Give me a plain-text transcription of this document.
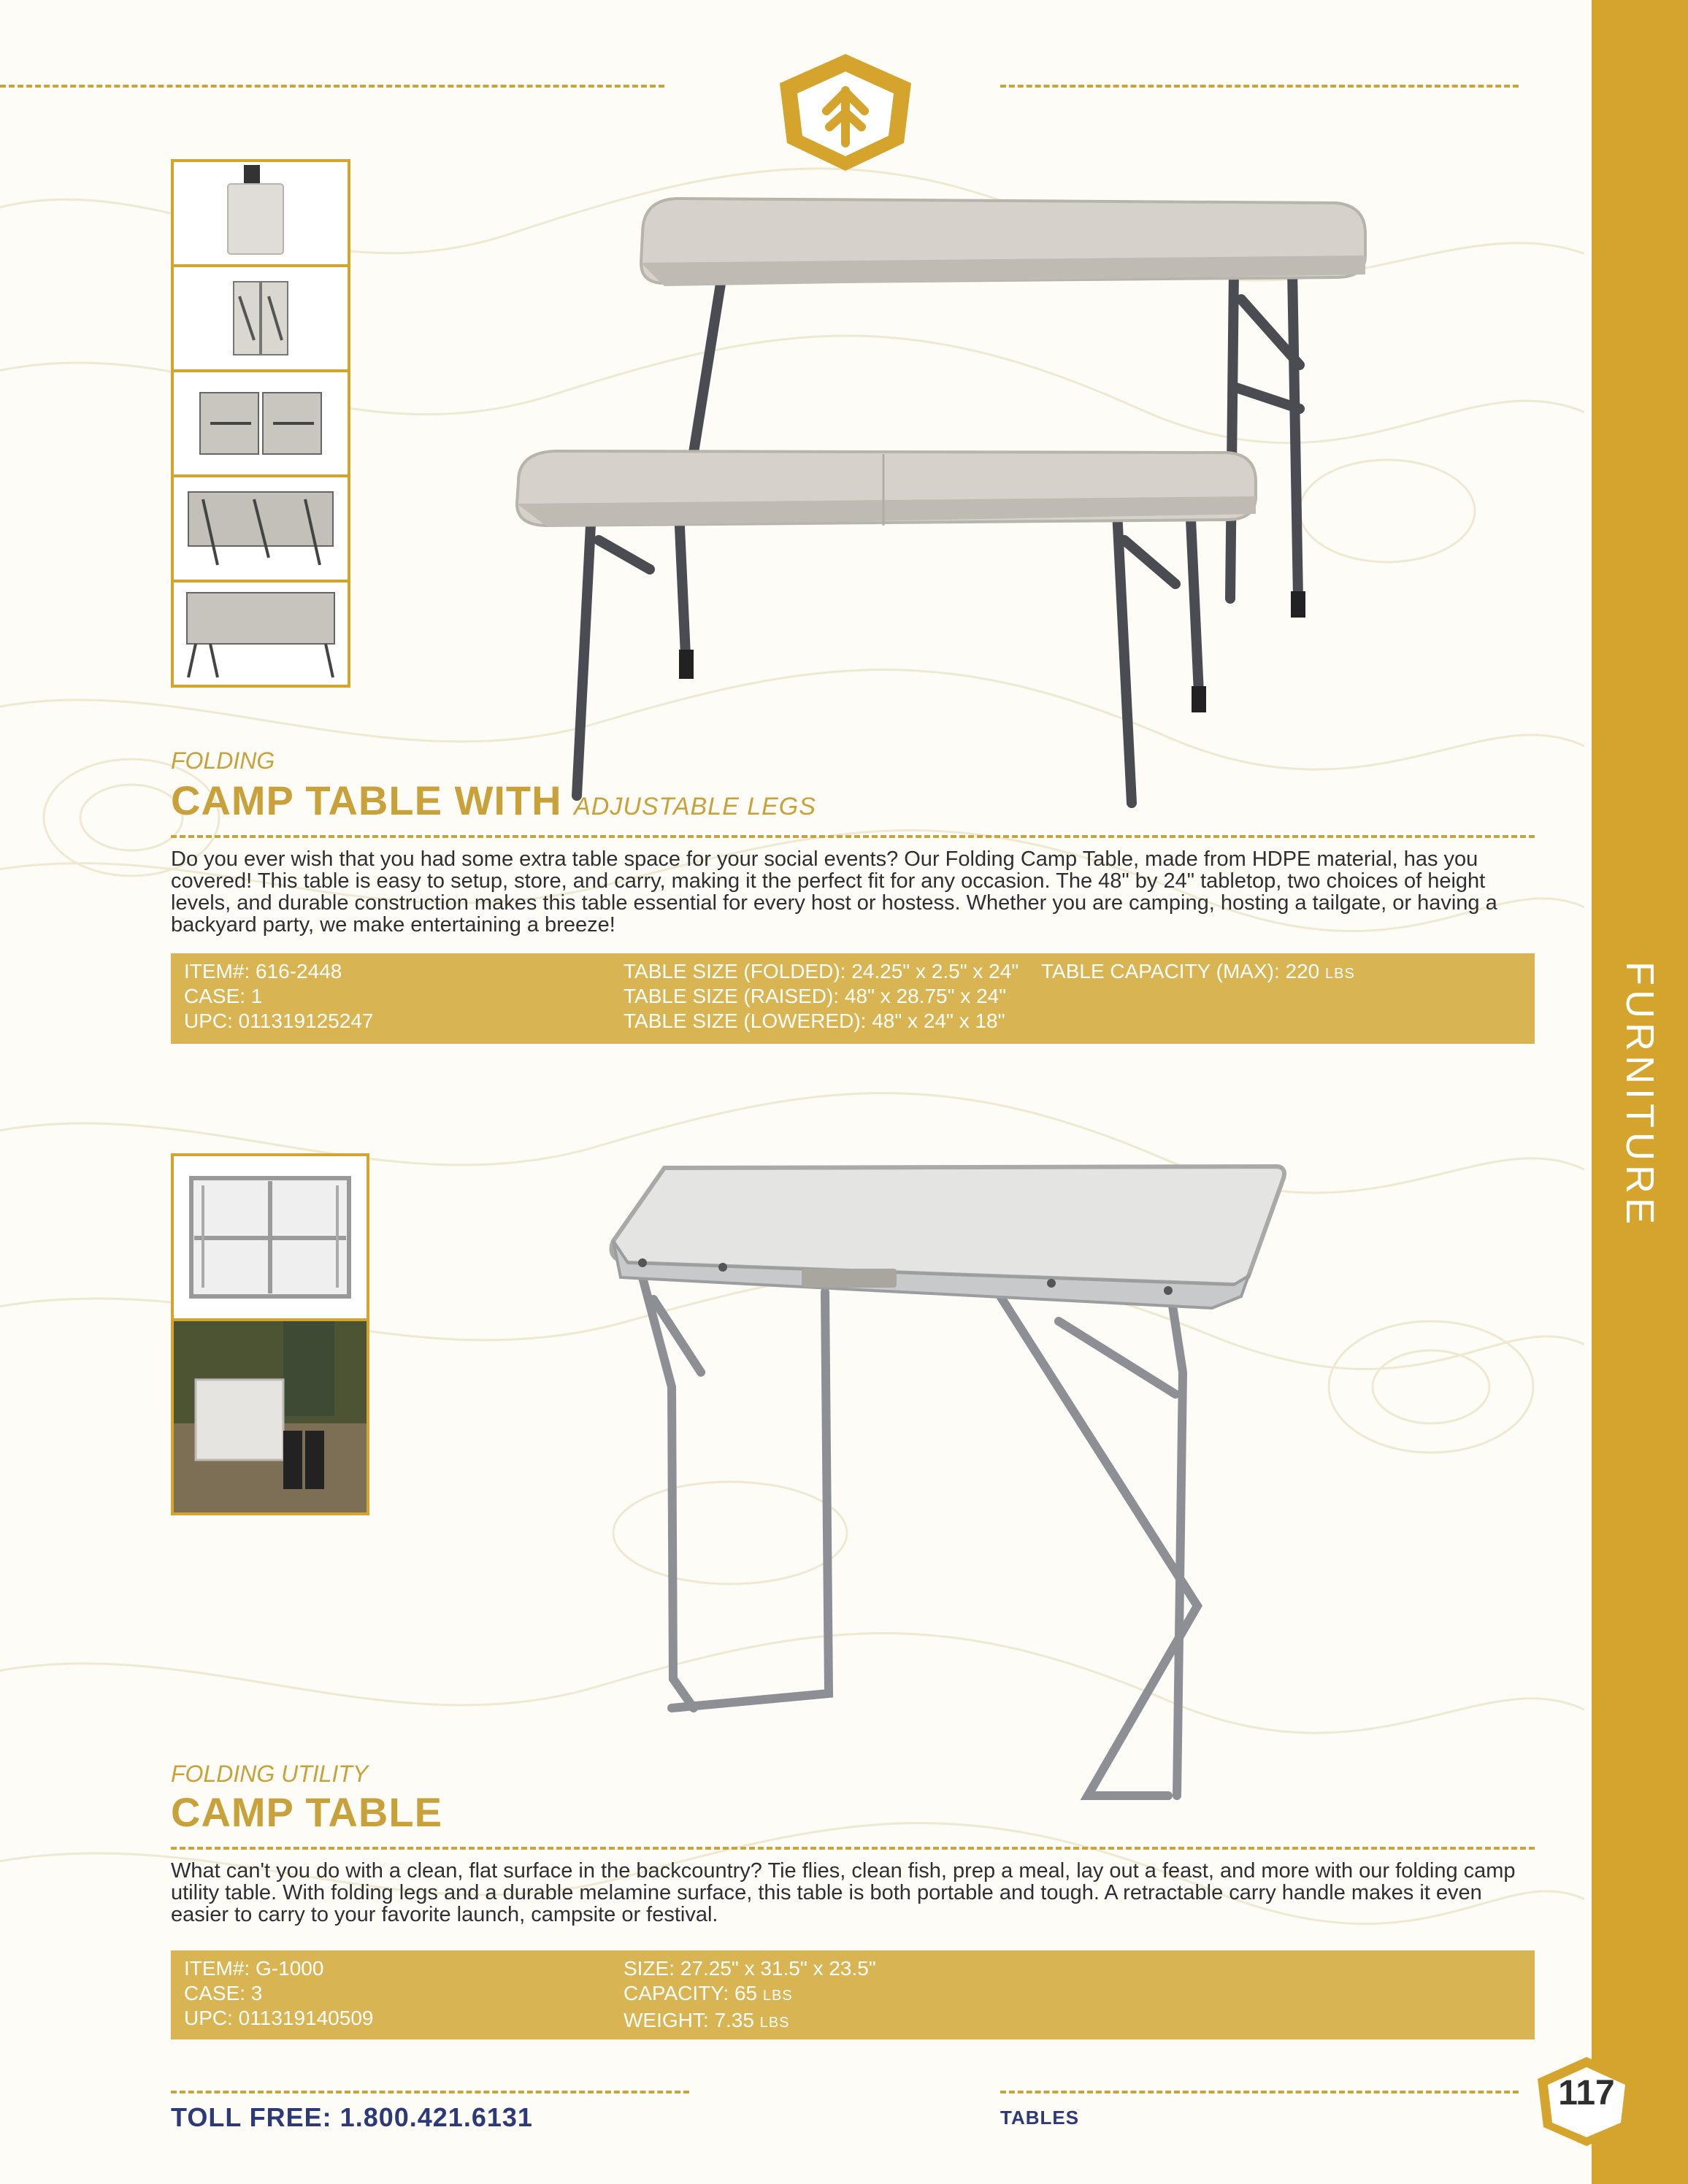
FURNITURE
FOLDING
CAMP TABLE WITH ADJUSTABLE LEGS
Do you ever wish that you had some extra table space for your social events? Our Folding Camp Table, made from HDPE material, has you covered! This table is easy to setup, store, and carry, making it the perfect fit for any occasion. The 48" by 24" tabletop, two choices of height levels, and durable construction makes this table essential for every host or hostess. Whether you are camping, hosting a tailgate, or having a backyard party, we make entertaining a breeze!
ITEM#: 616-2448
CASE: 1
UPC: 011319125247
TABLE SIZE (FOLDED): 24.25" x 2.5" x 24"
TABLE SIZE (RAISED): 48" x 28.75" x 24"
TABLE SIZE (LOWERED): 48" x 24" x 18"
TABLE CAPACITY (MAX): 220 LBS
FOLDING UTILITY
CAMP TABLE
What can't you do with a clean, flat surface in the backcountry? Tie flies, clean fish, prep a meal, lay out a feast, and more with our folding camp utility table. With folding legs and a durable melamine surface, this table is both portable and tough. A retractable carry handle makes it even easier to carry to your favorite launch, campsite or festival.
ITEM#: G-1000
CASE: 3
UPC: 011319140509
SIZE: 27.25" x 31.5" x 23.5"
CAPACITY: 65 LBS
WEIGHT: 7.35 LBS
TOLL FREE: 1.800.421.6131	TABLES
117
